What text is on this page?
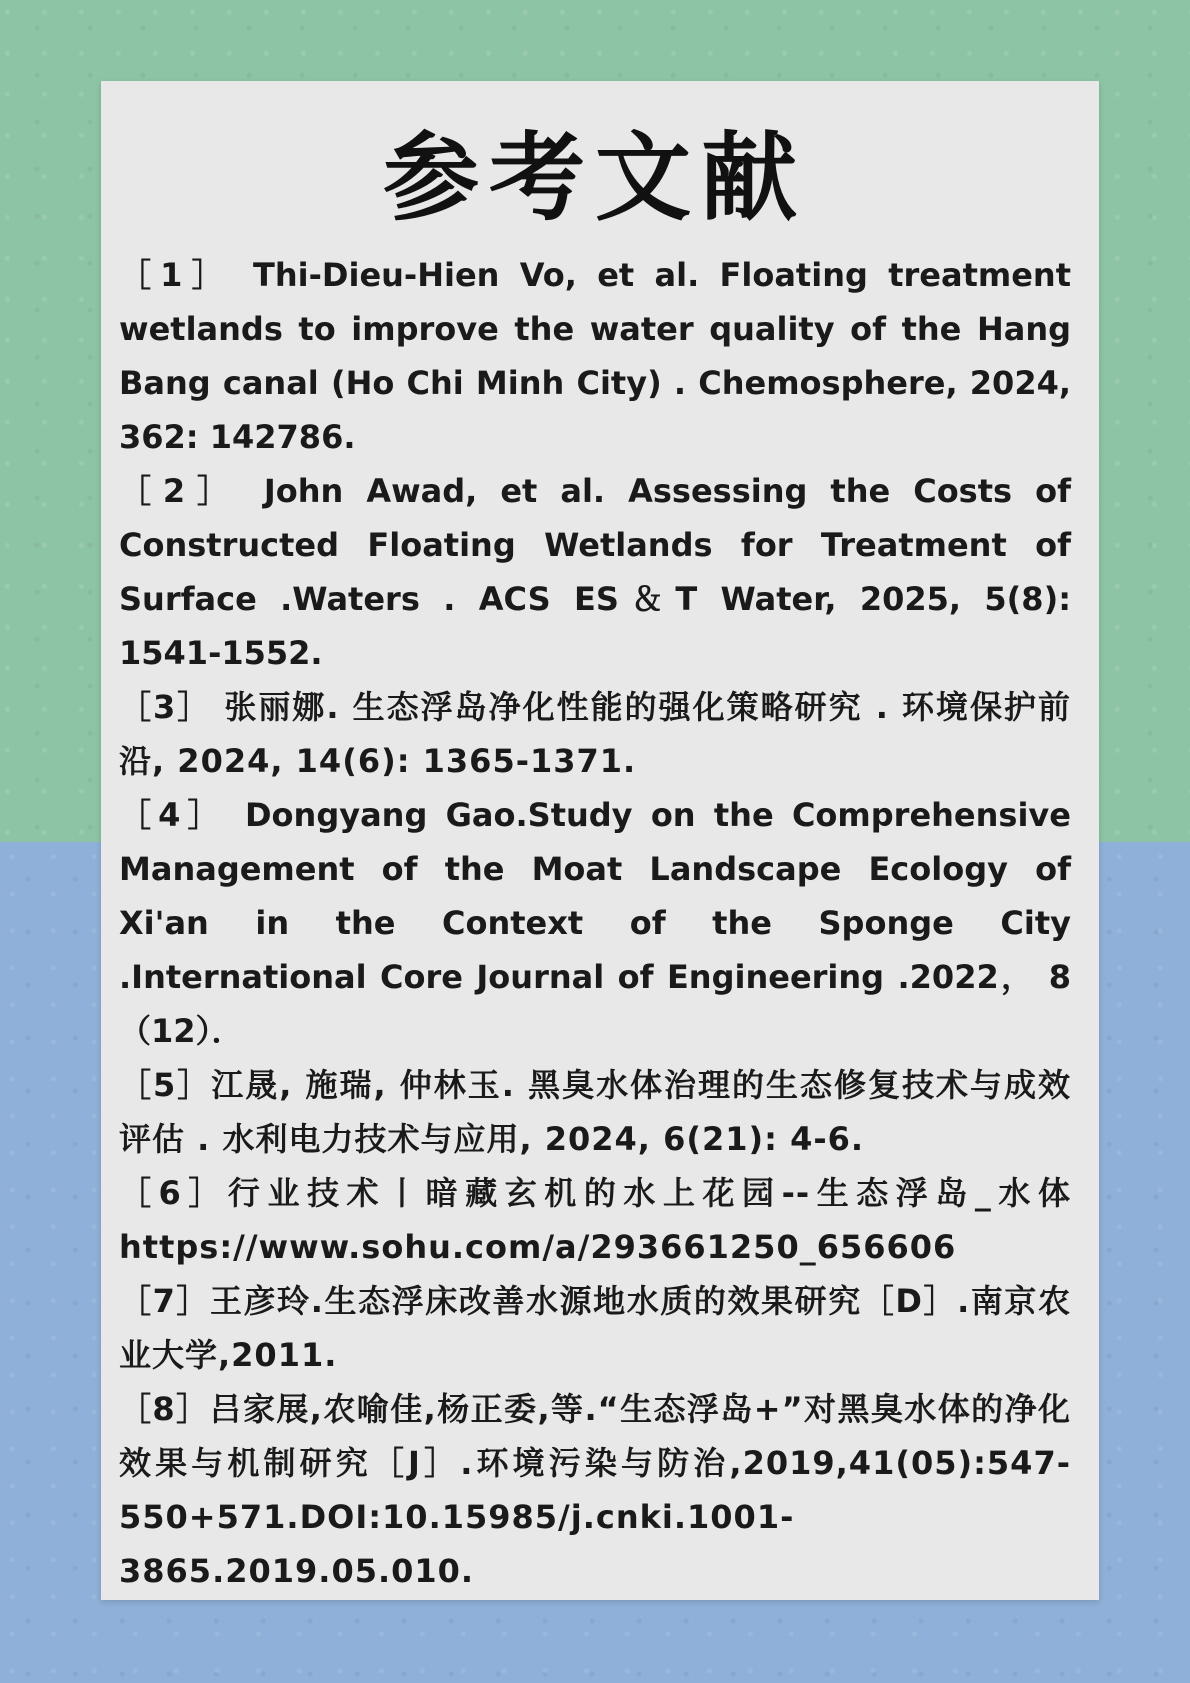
参考文献

［1］ Thi-Dieu-Hien Vo, et al. Floating treatment wetlands to improve the water quality of the Hang Bang canal (Ho Chi Minh City) . Chemosphere, 2024, 362: 142786.

［2］ John Awad, et al. Assessing the Costs of Constructed Floating Wetlands for Treatment of Surface .Waters . ACS ES＆T Water, 2025, 5(8): 1541-1552.

［3］ 张丽娜. 生态浮岛净化性能的强化策略研究 . 环境保护前沿, 2024, 14(6): 1365-1371.

［4］ Dongyang Gao.Study on the Comprehensive Management of the Moat Landscape Ecology of Xi'an in the Context of the Sponge City .International Core Journal of Engineering .2022， 8（12）．

［5］江晟, 施瑞, 仲林玉. 黑臭水体治理的生态修复技术与成效评估 . 水利电力技术与应用, 2024, 6(21): 4-6.

［6］行业技术丨暗藏玄机的水上花园--生态浮岛_水体 https://www.sohu.com/a/293661250_656606

［7］王彦玲.生态浮床改善水源地水质的效果研究［D］.南京农业大学,2011.

［8］吕家展,农喻佳,杨正委,等.“生态浮岛+”对黑臭水体的净化效果与机制研究［J］.环境污染与防治,2019,41(05):547-550+571.DOI:10.15985/j.cnki.1001-3865.2019.05.010.
